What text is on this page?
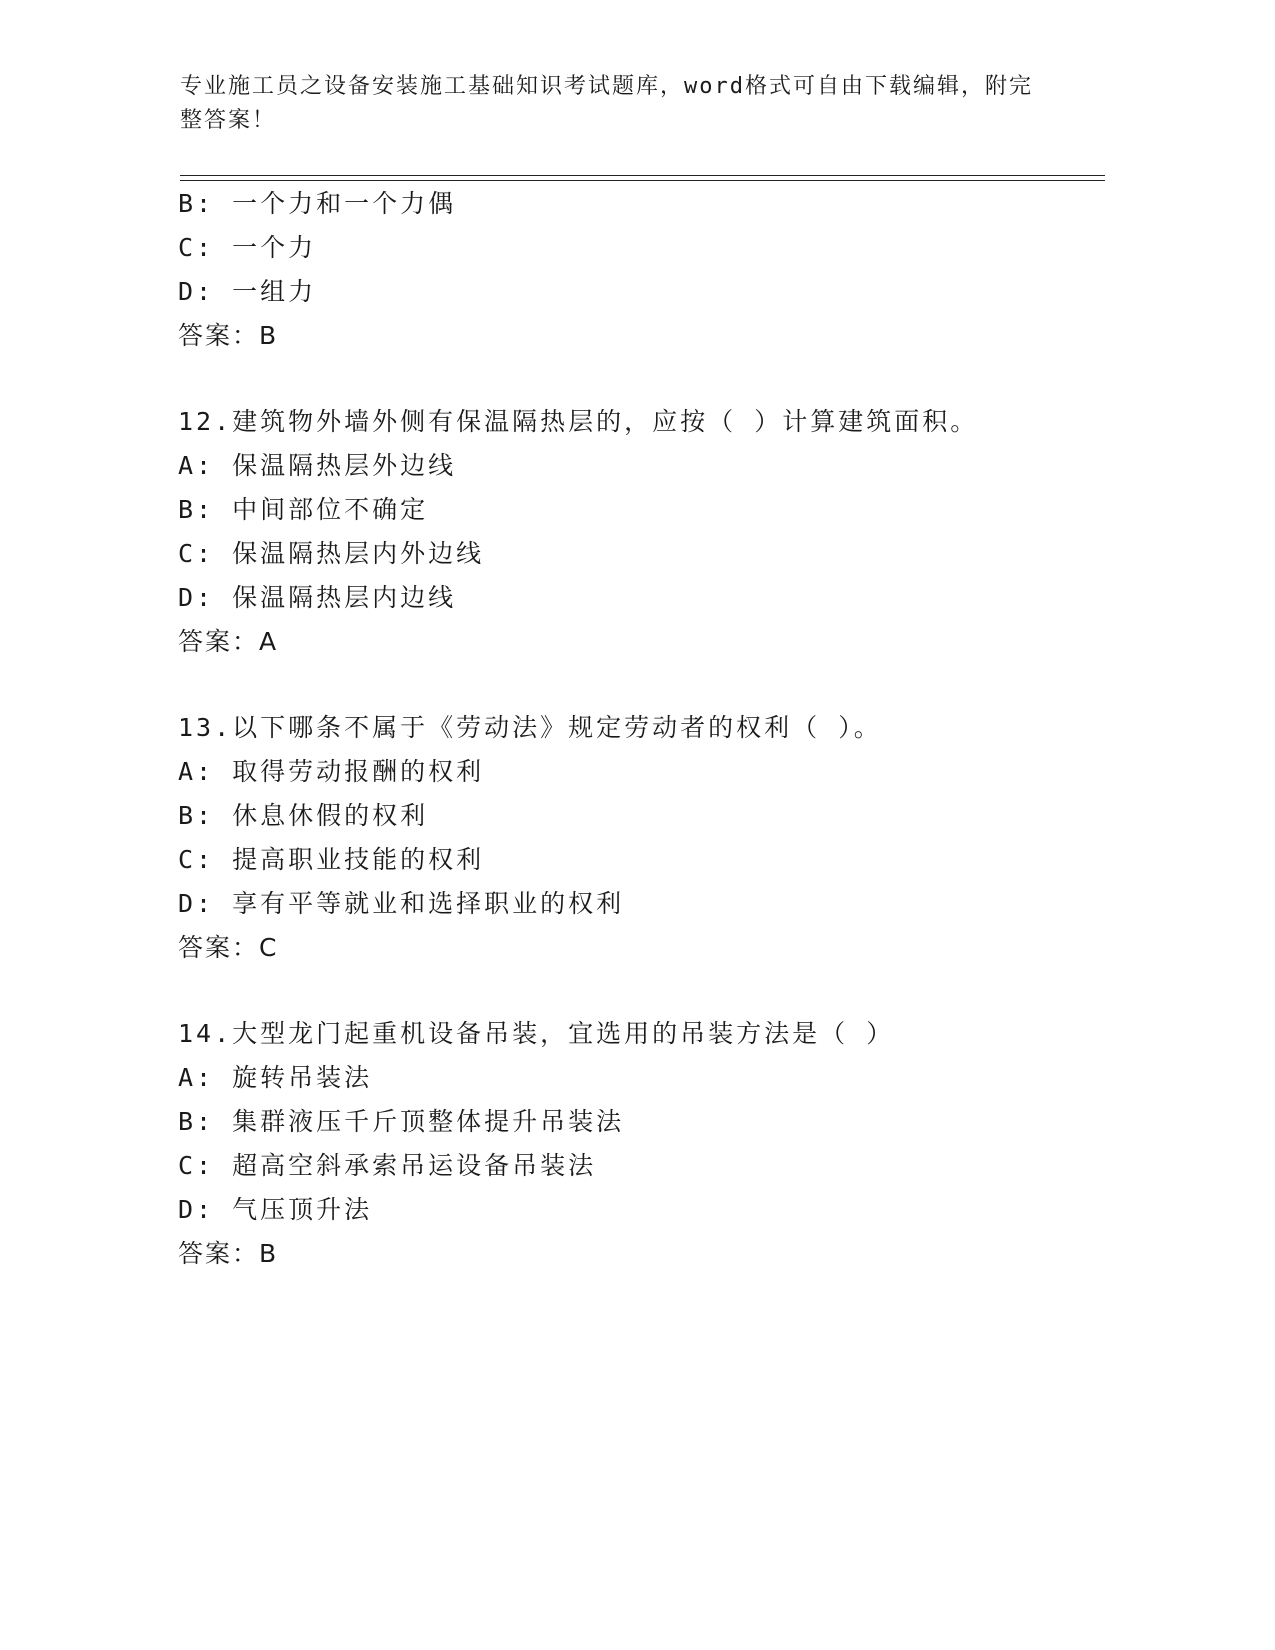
专业施工员之设备安装施工基础知识考试题库，word格式可自由下载编辑，附完
整答案！
B: 一个力和一个力偶
C: 一个力
D: 一组力
答案：B
12.建筑物外墙外侧有保温隔热层的，应按（ ）计算建筑面积。
A: 保温隔热层外边线
B: 中间部位不确定
C: 保温隔热层内外边线
D: 保温隔热层内边线
答案：A
13.以下哪条不属于《劳动法》规定劳动者的权利（ ）。
A: 取得劳动报酬的权利
B: 休息休假的权利
C: 提高职业技能的权利
D: 享有平等就业和选择职业的权利
答案：C
14.大型龙门起重机设备吊装，宜选用的吊装方法是（ ）
A: 旋转吊装法
B: 集群液压千斤顶整体提升吊装法
C: 超高空斜承索吊运设备吊装法
D: 气压顶升法
答案：B
